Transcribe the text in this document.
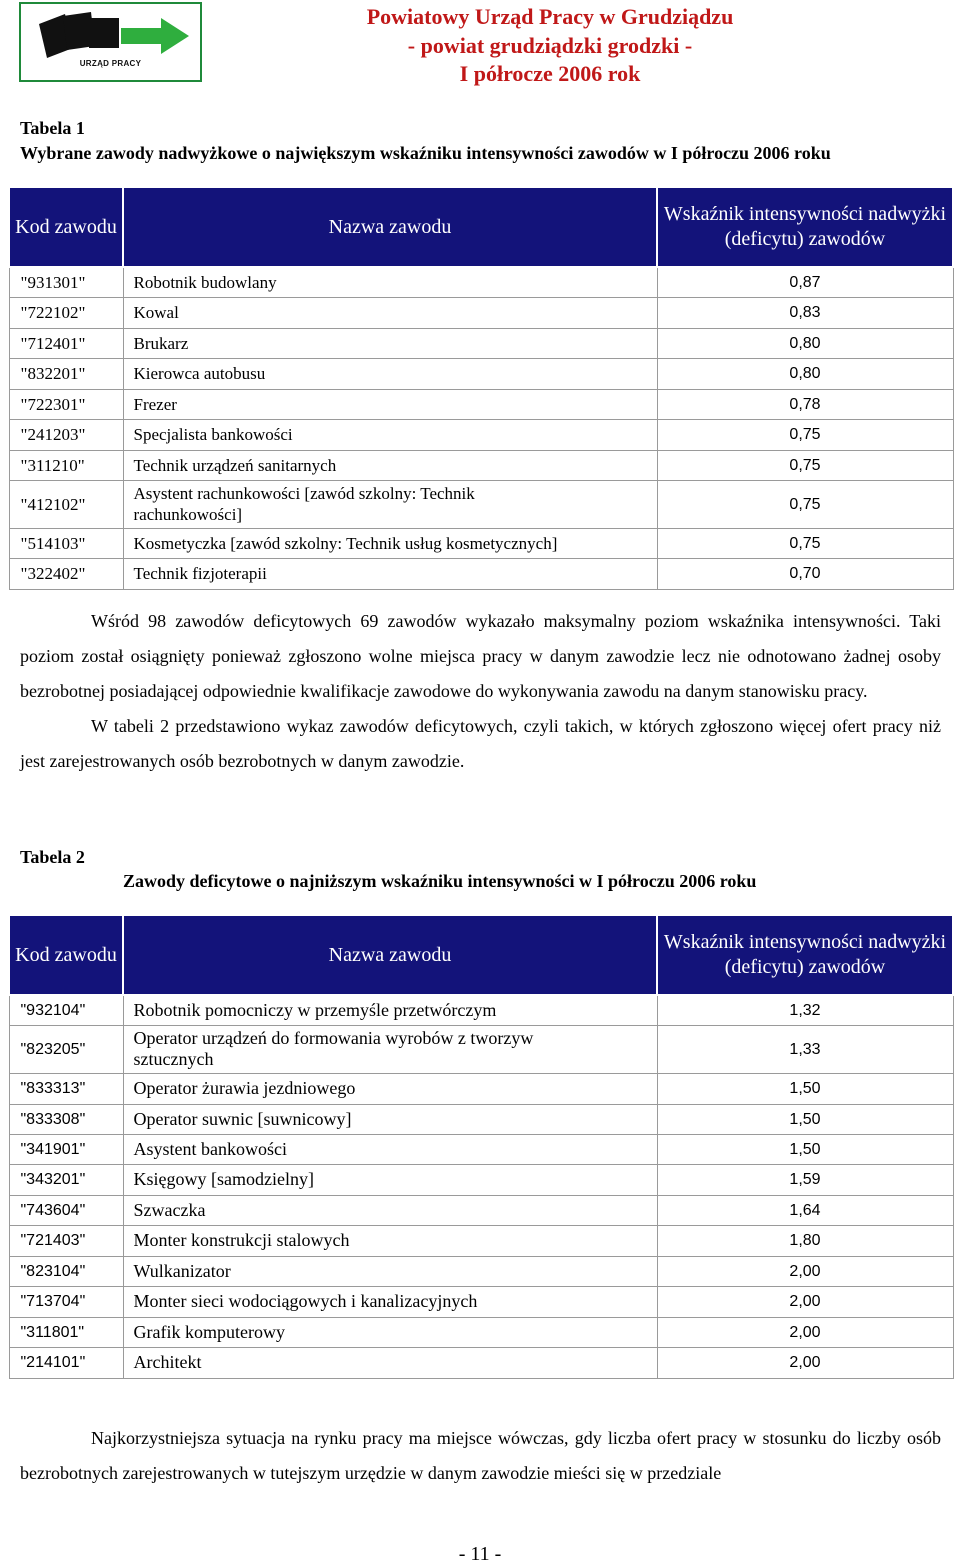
URZĄD PRACY
Powiatowy Urząd Pracy w Grudziądzu
- powiat grudziądzki grodzki -
I półrocze 2006 rok
Tabela 1
Wybrane zawody nadwyżkowe o największym wskaźniku intensywności zawodów w I półroczu 2006 roku
Kod zawodu	Nazwa zawodu	Wskaźnik intensywności nadwyżki (deficytu) zawodów
"931301"	Robotnik budowlany	0,87
"722102"	Kowal	0,83
"712401"	Brukarz	0,80
"832201"	Kierowca autobusu	0,80
"722301"	Frezer	0,78
"241203"	Specjalista bankowości	0,75
"311210"	Technik urządzeń sanitarnych	0,75
"412102"	Asystent rachunkowości [zawód szkolny: Technik rachunkowości]	0,75
"514103"	Kosmetyczka [zawód szkolny: Technik usług kosmetycznych]	0,75
"322402"	Technik fizjoterapii	0,70

Wśród 98 zawodów deficytowych 69 zawodów wykazało maksymalny poziom wskaźnika intensywności. Taki poziom został osiągnięty ponieważ zgłoszono wolne miejsca pracy w danym zawodzie lecz nie odnotowano żadnej osoby bezrobotnej posiadającej odpowiednie kwalifikacje zawodowe do wykonywania zawodu na danym stanowisku pracy.

W tabeli 2 przedstawiono wykaz zawodów deficytowych, czyli takich, w których zgłoszono więcej ofert pracy niż jest zarejestrowanych osób bezrobotnych w danym zawodzie.

Tabela 2
Zawody deficytowe o najniższym wskaźniku intensywności w I półroczu 2006 roku
Kod zawodu	Nazwa zawodu	Wskaźnik intensywności nadwyżki (deficytu) zawodów
"932104"	Robotnik pomocniczy w przemyśle przetwórczym	1,32
"823205"	Operator urządzeń do formowania wyrobów z tworzyw sztucznych	1,33
"833313"	Operator żurawia jezdniowego	1,50
"833308"	Operator suwnic [suwnicowy]	1,50
"341901"	Asystent bankowości	1,50
"343201"	Księgowy [samodzielny]	1,59
"743604"	Szwaczka	1,64
"721403"	Monter konstrukcji stalowych	1,80
"823104"	Wulkanizator	2,00
"713704"	Monter sieci wodociągowych i kanalizacyjnych	2,00
"311801"	Grafik komputerowy	2,00
"214101"	Architekt	2,00

Najkorzystniejsza sytuacja na rynku pracy ma miejsce wówczas, gdy liczba ofert pracy w stosunku do liczby osób bezrobotnych zarejestrowanych w tutejszym urzędzie w danym zawodzie mieści się w przedziale

- 11 -
